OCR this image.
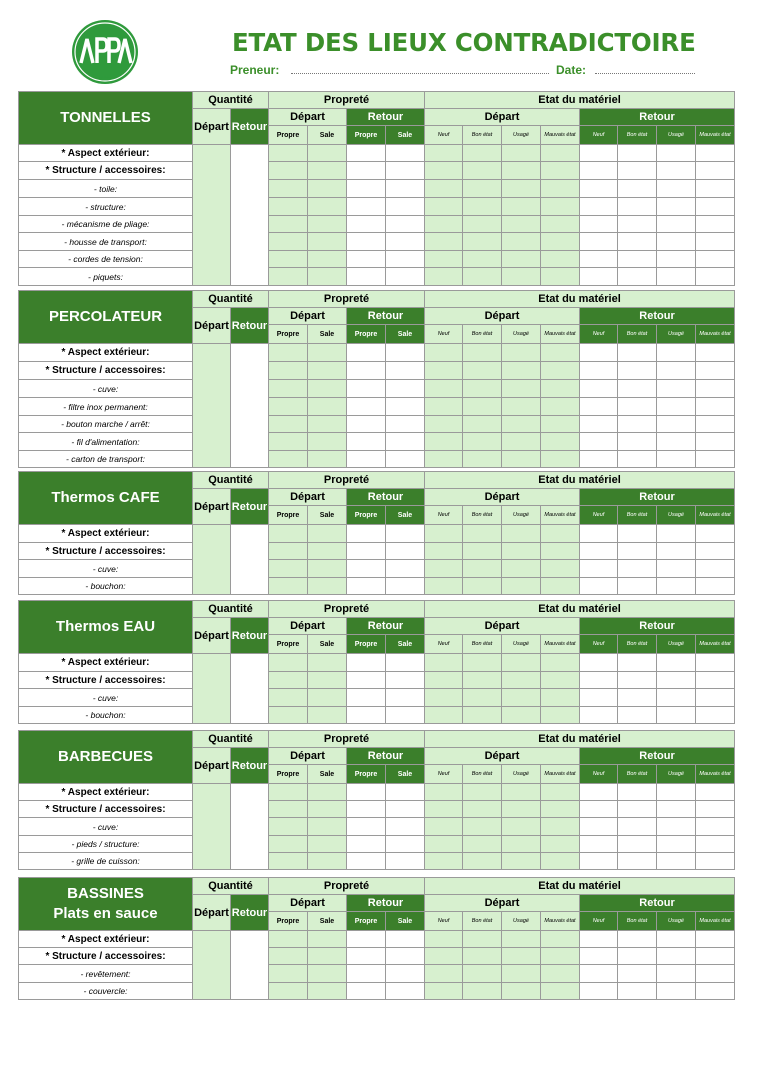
APPPA
ETAT DES LIEUX CONTRADICTOIRE
Preneur:	Date:
TONNELLES	Quantité		Propreté				Etat du matériel							
	Départ	Retour	Départ		Retour		Départ				Retour			
			Propre	Sale	Propre	Sale	Neuf	Bon état	Usagé	Mauvais état	Neuf	Bon état	Usagé	Mauvais état
* Aspect extérieur:														
* Structure / accessoires:														
- toile:														
- structure:														
- mécanisme de pliage:														
- housse de transport:														
- cordes de tension:														
- piquets:														
PERCOLATEUR	Quantité		Propreté				Etat du matériel							
	Départ	Retour	Départ		Retour		Départ				Retour			
			Propre	Sale	Propre	Sale	Neuf	Bon état	Usagé	Mauvais état	Neuf	Bon état	Usagé	Mauvais état
* Aspect extérieur:														
* Structure / accessoires:														
- cuve:														
- filtre inox permanent:														
- bouton marche / arrêt:														
- fil d'alimentation:														
- carton de transport:														
Thermos CAFE	Quantité		Propreté				Etat du matériel							
	Départ	Retour	Départ		Retour		Départ				Retour			
			Propre	Sale	Propre	Sale	Neuf	Bon état	Usagé	Mauvais état	Neuf	Bon état	Usagé	Mauvais état
* Aspect extérieur:														
* Structure / accessoires:														
- cuve:														
- bouchon:														
Thermos EAU	Quantité		Propreté				Etat du matériel							
	Départ	Retour	Départ		Retour		Départ				Retour			
			Propre	Sale	Propre	Sale	Neuf	Bon état	Usagé	Mauvais état	Neuf	Bon état	Usagé	Mauvais état
* Aspect extérieur:														
* Structure / accessoires:														
- cuve:														
- bouchon:														
BARBECUES	Quantité		Propreté				Etat du matériel							
	Départ	Retour	Départ		Retour		Départ				Retour			
			Propre	Sale	Propre	Sale	Neuf	Bon état	Usagé	Mauvais état	Neuf	Bon état	Usagé	Mauvais état
* Aspect extérieur:														
* Structure / accessoires:														
- cuve:														
- pieds / structure:														
- grille de cuisson:														
BASSINES
Plats en sauce	Quantité		Propreté				Etat du matériel							
	Départ	Retour	Départ		Retour		Départ				Retour			
			Propre	Sale	Propre	Sale	Neuf	Bon état	Usagé	Mauvais état	Neuf	Bon état	Usagé	Mauvais état
* Aspect extérieur:														
* Structure / accessoires:														
- revêtement:														
- couvercle:														
